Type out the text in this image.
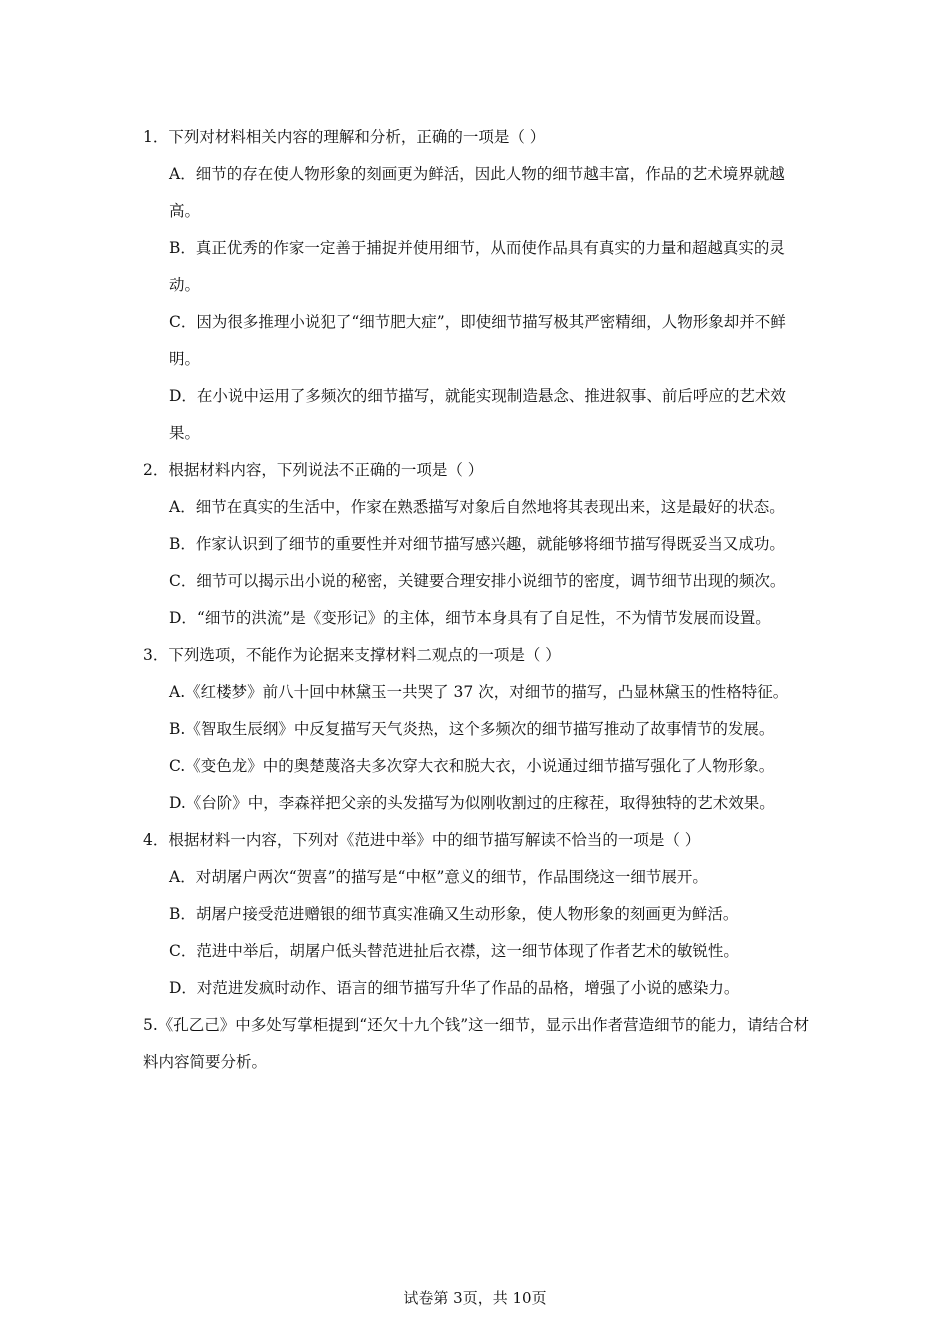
1．下列对材料相关内容的理解和分析，正确的一项是（ ）

A．细节的存在使人物形象的刻画更为鲜活，因此人物的细节越丰富，作品的艺术境界就越高。

B．真正优秀的作家一定善于捕捉并使用细节，从而使作品具有真实的力量和超越真实的灵动。

C．因为很多推理小说犯了“细节肥大症”，即使细节描写极其严密精细，人物形象却并不鲜明。

D．在小说中运用了多频次的细节描写，就能实现制造悬念、推进叙事、前后呼应的艺术效果。

2．根据材料内容，下列说法不正确的一项是（ ）

A．细节在真实的生活中，作家在熟悉描写对象后自然地将其表现出来，这是最好的状态。

B．作家认识到了细节的重要性并对细节描写感兴趣，就能够将细节描写得既妥当又成功。

C．细节可以揭示出小说的秘密，关键要合理安排小说细节的密度，调节细节出现的频次。

D．“细节的洪流”是《变形记》的主体，细节本身具有了自足性，不为情节发展而设置。

3．下列选项，不能作为论据来支撑材料二观点的一项是（ ）

A.《红楼梦》前八十回中林黛玉一共哭了 37 次，对细节的描写，凸显林黛玉的性格特征。

B.《智取生辰纲》中反复描写天气炎热，这个多频次的细节描写推动了故事情节的发展。

C.《变色龙》中的奥楚蔑洛夫多次穿大衣和脱大衣，小说通过细节描写强化了人物形象。

D.《台阶》中，李森祥把父亲的头发描写为似刚收割过的庄稼茬，取得独特的艺术效果。

4．根据材料一内容，下列对《范进中举》中的细节描写解读不恰当的一项是（ ）

A．对胡屠户两次“贺喜”的描写是“中枢”意义的细节，作品围绕这一细节展开。

B．胡屠户接受范进赠银的细节真实准确又生动形象，使人物形象的刻画更为鲜活。

C．范进中举后，胡屠户低头替范进扯后衣襟，这一细节体现了作者艺术的敏锐性。

D．对范进发疯时动作、语言的细节描写升华了作品的品格，增强了小说的感染力。

5.《孔乙己》中多处写掌柜提到“还欠十九个钱”这一细节，显示出作者营造细节的能力，请结合材料内容简要分析。

试卷第 3页，共 10页
